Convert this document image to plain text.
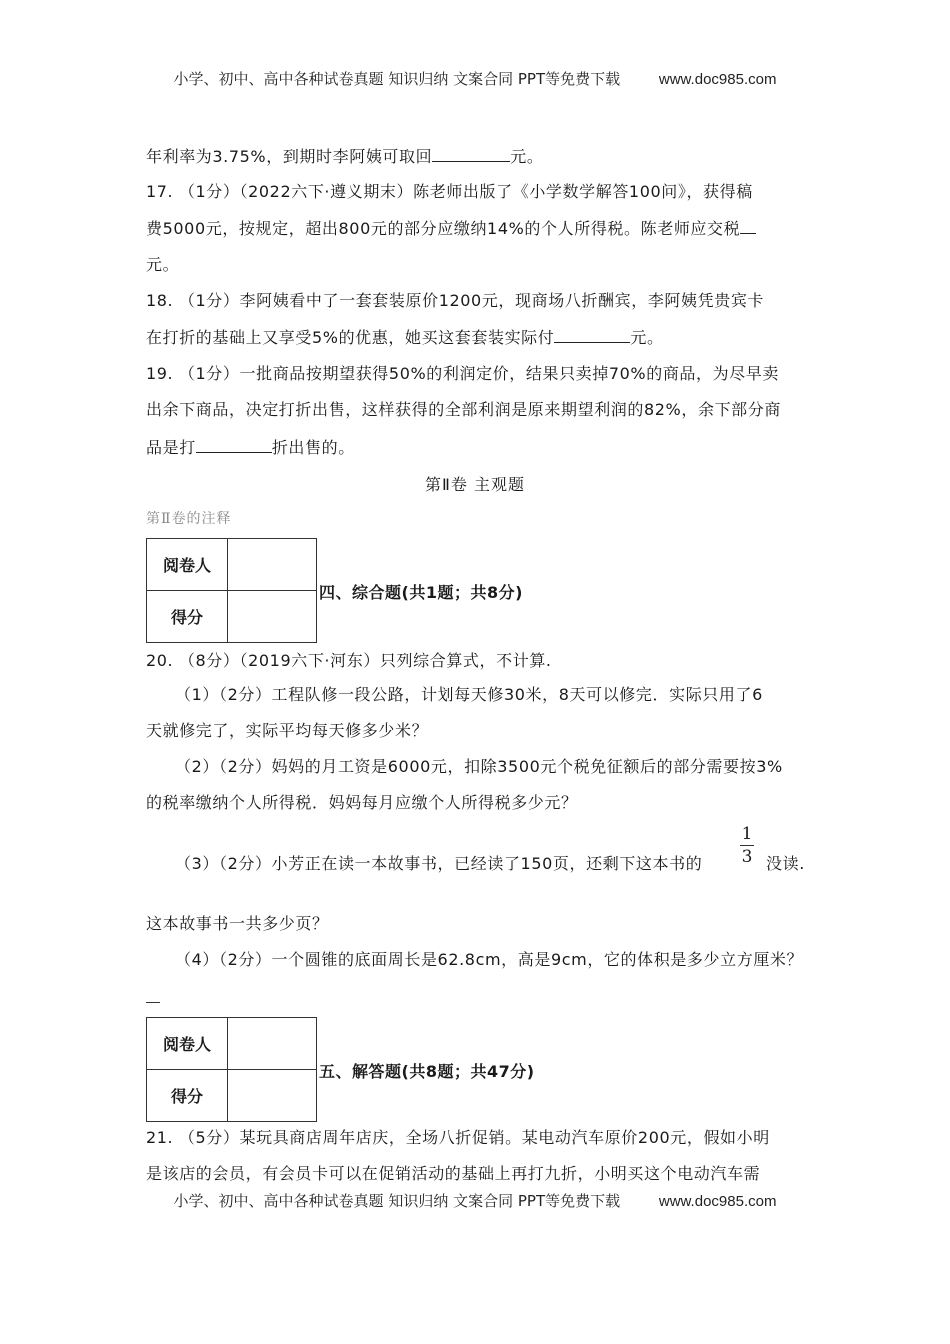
小学、初中、高中各种试卷真题 知识归纳 文案合同 PPT等免费下载	www.doc985.com
年利率为3.75%，到期时李阿姨可取回	元。
17. （1分）（2022六下·遵义期末）陈老师出版了《小学数学解答100问》，获得稿
费5000元，按规定，超出800元的部分应缴纳14%的个人所得税。陈老师应交税
元。
18. （1分）李阿姨看中了一套套装原价1200元，现商场八折酬宾，李阿姨凭贵宾卡
在打折的基础上又享受5%的优惠，她买这套套装实际付	元。
19. （1分）一批商品按期望获得50%的利润定价，结果只卖掉70%的商品，为尽早卖
出余下商品，决定打折出售，这样获得的全部利润是原来期望利润的82%，余下部分商
品是打	折出售的。
第Ⅱ卷 主观题
第Ⅱ卷的注释
阅卷人	
得分	
四、综合题(共1题；共8分)
20. （8分）（2019六下·河东）只列综合算式，不计算.
（1）（2分）工程队修一段公路，计划每天修30米，8天可以修完．实际只用了6
天就修完了，实际平均每天修多少米？
（2）（2分）妈妈的月工资是6000元，扣除3500元个税免征额后的部分需要按3%
的税率缴纳个人所得税．妈妈每月应缴个人所得税多少元？
（3）（2分）小芳正在读一本故事书，已经读了150页，还剩下这本书的
1
3 没读.
这本故事书一共多少页？
（4）（2分）一个圆锥的底面周长是62.8cm，高是9cm，它的体积是多少立方厘米？
阅卷人	
得分	
五、解答题(共8题；共47分)
21. （5分）某玩具商店周年店庆，全场八折促销。某电动汽车原价200元，假如小明
是该店的会员，有会员卡可以在促销活动的基础上再打九折，小明买这个电动汽车需
小学、初中、高中各种试卷真题 知识归纳 文案合同 PPT等免费下载	www.doc985.com
